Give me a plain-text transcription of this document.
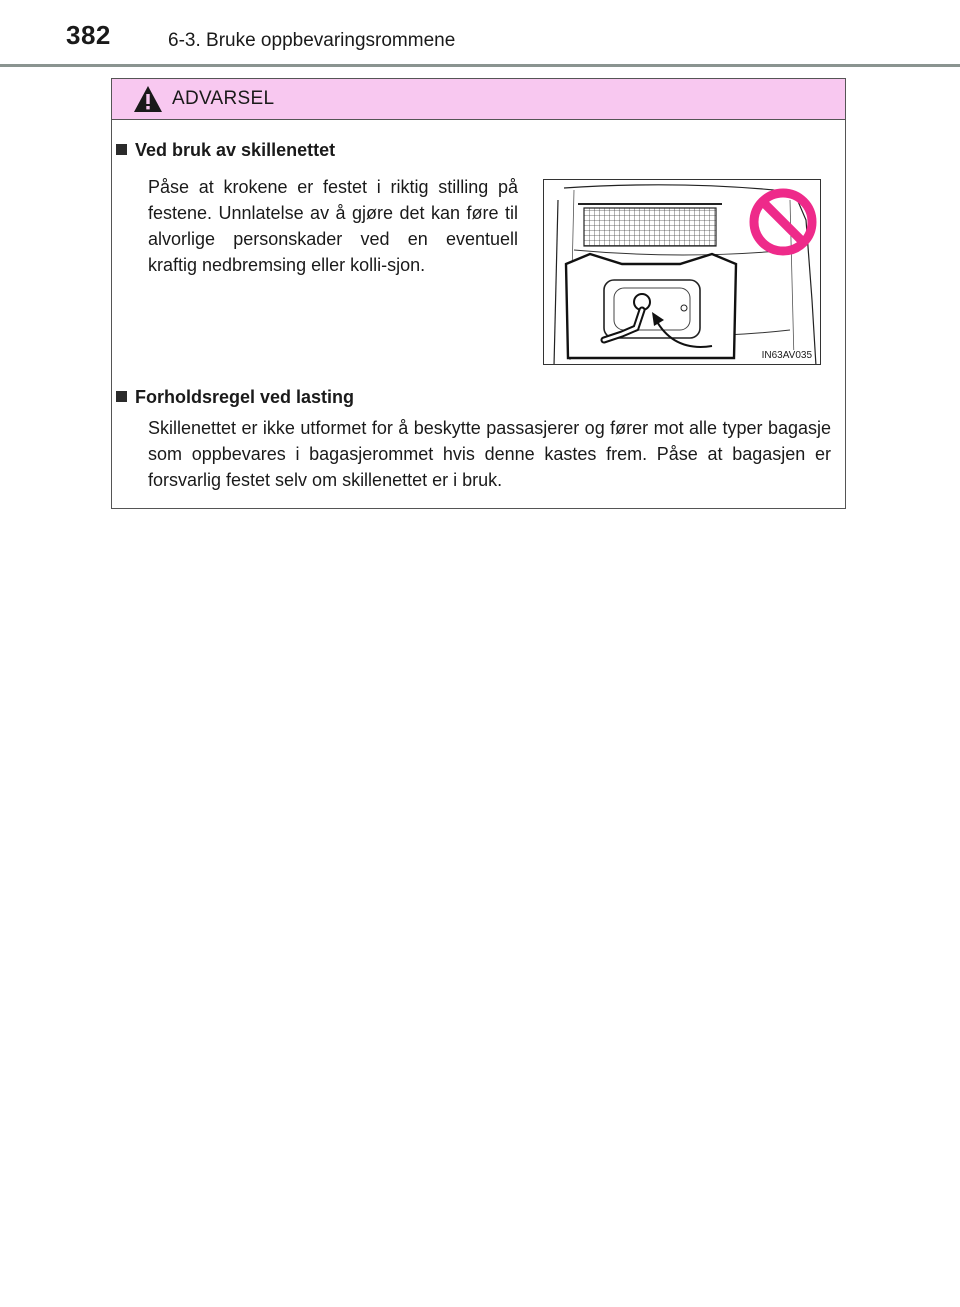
382	6-3. Bruke oppbevaringsrommene
ADVARSEL
Ved bruk av skillenettet
Påse at krokene er festet i riktig stilling på festene. Unnlatelse av å gjøre det kan føre til alvorlige personskader ved en eventuell kraftig nedbremsing eller kolli-sjon.
IN63AV035
Forholdsregel ved lasting
Skillenettet er ikke utformet for å beskytte passasjerer og fører mot alle typer bagasje som oppbevares i bagasjerommet hvis denne kastes frem. Påse at bagasjen er forsvarlig festet selv om skillenettet er i bruk.
